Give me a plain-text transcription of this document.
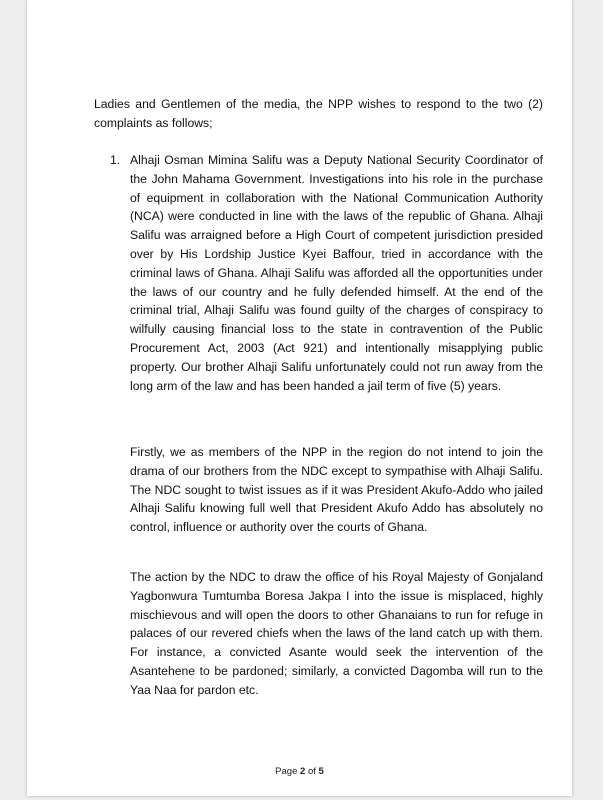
Ladies and Gentlemen of the media, the NPP wishes to respond to the two (2) complaints as follows;
1. Alhaji Osman Mimina Salifu was a Deputy National Security Coordinator of the John Mahama Government. Investigations into his role in the purchase of equipment in collaboration with the National Communication Authority (NCA) were conducted in line with the laws of the republic of Ghana. Alhaji Salifu was arraigned before a High Court of competent jurisdiction presided over by His Lordship Justice Kyei Baffour, tried in accordance with the criminal laws of Ghana. Alhaji Salifu was afforded all the opportunities under the laws of our country and he fully defended himself. At the end of the criminal trial, Alhaji Salifu was found guilty of the charges of conspiracy to wilfully causing financial loss to the state in contravention of the Public Procurement Act, 2003 (Act 921) and intentionally misapplying public property. Our brother Alhaji Salifu unfortunately could not run away from the long arm of the law and has been handed a jail term of five (5) years.
Firstly, we as members of the NPP in the region do not intend to join the drama of our brothers from the NDC except to sympathise with Alhaji Salifu. The NDC sought to twist issues as if it was President Akufo-Addo who jailed Alhaji Salifu knowing full well that President Akufo Addo has absolutely no control, influence or authority over the courts of Ghana.
The action by the NDC to draw the office of his Royal Majesty of Gonjaland Yagbonwura Tumtumba Boresa Jakpa I into the issue is misplaced, highly mischievous and will open the doors to other Ghanaians to run for refuge in palaces of our revered chiefs when the laws of the land catch up with them. For instance, a convicted Asante would seek the intervention of the Asantehene to be pardoned; similarly, a convicted Dagomba will run to the Yaa Naa for pardon etc.
Page 2 of 5
